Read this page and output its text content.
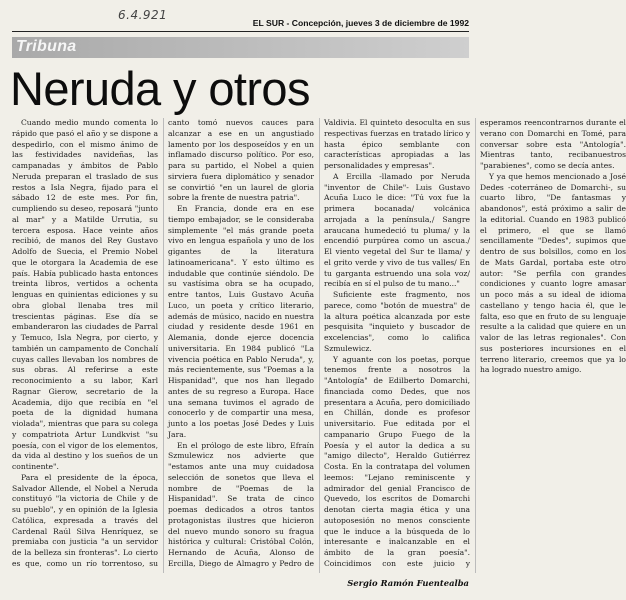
6.4.921
EL SUR - Concepción, jueves 3 de diciembre de 1992
Tribuna
Neruda y otros

Cuando medio mundo comenta lo rápido que pasó el año y se dispone a despedirlo, con el mismo ánimo de las festividades navideñas, las campanadas y ámbitos de Pablo Neruda preparan el traslado de sus restos a Isla Negra, fijado para el sábado 12 de este mes. Por fin, cumpliendo su deseo, reposará "junto al mar" y a Matilde Urrutia, su tercera esposa. Hace veinte años recibió, de manos del Rey Gustavo Adolfo de Suecia, el Premio Nobel que le otorgara la Academia de ese país. Había publicado hasta entonces treinta libros, vertidos a ochenta lenguas en quinientas ediciones y su obra global llenaba tres mil trescientas páginas. Ese día se embanderaron las ciudades de Parral y Temuco, Isla Negra, por cierto, y también un campamento de Conchalí cuyas calles llevaban los nombres de sus obras. Al referirse a este reconocimiento a su labor, Karl Ragnar Gierow, secretario de la Academia, dijo que recibía en "el poeta de la dignidad humana violada", mientras que para su colega y compatriota Artur Lundkvist "su poesía, con el vigor de los elementos, da vida al destino y los sueños de un continente".

Para el presidente de la época, Salvador Allende, el Nobel a Neruda constituyó "la victoria de Chile y de su pueblo", y en opinión de la Iglesia Católica, expresada a través del Cardenal Raúl Silva Henríquez, se premiaba con justicia "a un servidor de la belleza sin fronteras". Lo cierto es que, como un río torrentoso, su canto tomó nuevos cauces para alcanzar a ese en un angustiado lamento por los desposeídos y en un inflamado discurso político. Por eso, para su partido, el Nobel a quien sirviera fuera diplomático y senador se convirtió "en un laurel de gloria sobre la frente de nuestra patria".

En Francia, donde era en ese tiempo embajador, se le consideraba simplemente "el más grande poeta vivo en lengua española y uno de los gigantes de la literatura latinoamericana". Y esto último es indudable que continúe siéndolo. De su vastísima obra se ha ocupado, entre tantos, Luis Gustavo Acuña Luco, un poeta y crítico literario, además de músico, nacido en nuestra ciudad y residente desde 1961 en Alemania, donde ejerce docencia universitaria. En 1984 publicó "La vivencia poética en Pablo Neruda", y, más recientemente, sus "Poemas a la Hispanidad", que nos han llegado antes de su regreso a Europa. Hace una semana tuvimos el agrado de conocerlo y de compartir una mesa, junto a los poetas José Dedes y Luis Jara.

En el prólogo de este libro, Efraín Szmulewicz nos advierte que "estamos ante una muy cuidadosa selección de sonetos que lleva el nombre de "Poemas de la Hispanidad". Se trata de cinco poemas dedicados a otros tantos protagonistas ilustres que hicieron del nuevo mundo sonoro su fragua histórica y cultural: Cristóbal Colón, Hernando de Acuña, Alonso de Ercilla, Diego de Almagro y Pedro de Valdivia. El quinteto desoculta en sus respectivas fuerzas en tratado lírico y hasta épico semblante con características apropiadas a las personalidades y empresas".

A Ercilla -llamado por Neruda "inventor de Chile"- Luis Gustavo Acuña Luco le dice: "Tú vox fue la primera bocanada/ volcánica arrojada a la península,/ Sangre araucana humedeció tu pluma/ y la encendió purpúrea como un ascua./ El viento vegetal del Sur te llama/ y el grito verde y vivo de tus valles/ En tu garganta estruendo una sola voz/ recibía en sí el pulso de tu mano..."

Suficiente este fragmento, nos parece, como "botón de muestra" de la altura poética alcanzada por este pesquisita "inquieto y buscador de excelencias", como lo califica Szmulewicz.

Y aguante con los poetas, porque tenemos frente a nosotros la "Antología" de Edilberto Domarchi, financiada como Dedes, que nos presentara a Acuña, pero domiciliado en Chillán, donde es profesor universitario. Fue editada por el campanario Grupo Fuego de la Poesía y el autor la dedica a su "amigo dilecto", Heraldo Gutiérrez Costa. En la contratapa del volumen leemos: "Lejano reminiscente y admirador del genial Francisco de Quevedo, los escritos de Domarchi denotan cierta magia ética y una autoposesión no menos consciente que le induce a la búsqueda de lo interesante e inalcanzable en el ámbito de la gran poesía". Coincidimos con este juicio y esperamos reencontrarnos durante el verano con Domarchi en Tomé, para conversar sobre esta "Antología". Mientras tanto, recibanuestros "parabienes", como se decía antes.

Y ya que hemos mencionado a José Dedes -coterráneo de Domarchi-, su cuarto libro, "De fantasmas y abandonos", está próximo a salir de la editorial. Cuando en 1983 publicó el primero, el que se llamó sencillamente "Dedes", supimos que dentro de sus bolsillos, como en los de Mats Gardal, portaba este otro autor: "Se perfila con grandes condiciones y cuanto logre amasar un poco más a su ideal de idioma castellano y tengo hacia él, que le falta, eso que en fruto de su lenguaje resulte a la calidad que quiere en un valor de las letras regionales". Con sus posteriores incursiones en el terreno literario, creemos que ya lo ha logrado nuestro amigo.

Sergio Ramón Fuentealba
